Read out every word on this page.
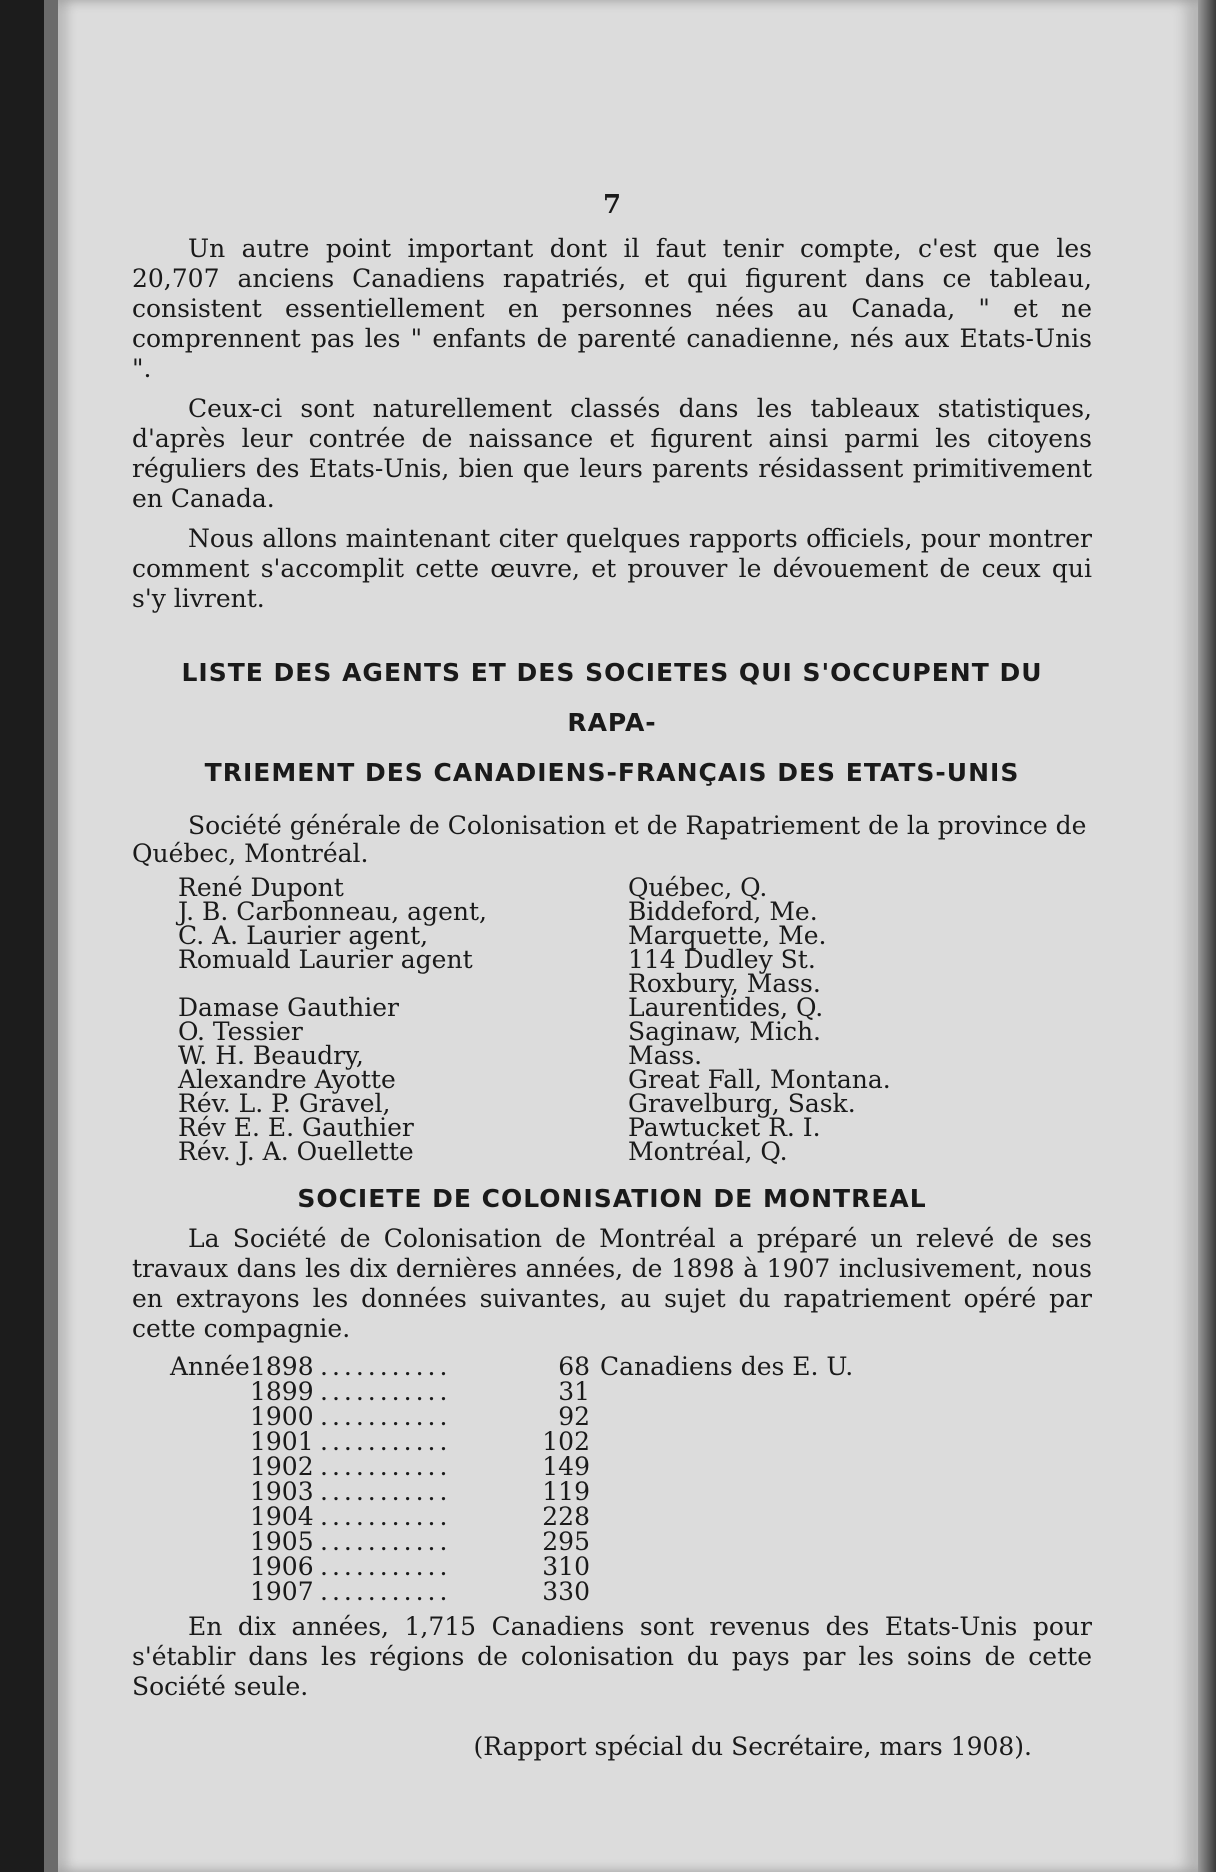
7

Un autre point important dont il faut tenir compte, c'est que les 20,707 anciens Canadiens rapatriés, et qui figurent dans ce tableau, consistent essentiellement en personnes nées au Canada, " et ne comprennent pas les " enfants de parenté canadienne, nés aux Etats-Unis ".

Ceux-ci sont naturellement classés dans les tableaux statistiques, d'après leur contrée de naissance et figurent ainsi parmi les citoyens réguliers des Etats-Unis, bien que leurs parents résidassent primitivement en Canada.

Nous allons maintenant citer quelques rapports officiels, pour montrer comment s'accomplit cette œuvre, et prouver le dévouement de ceux qui s'y livrent.

LISTE DES AGENTS ET DES SOCIETES QUI S'OCCUPENT DU RAPA-
TRIEMENT DES CANADIENS-FRANÇAIS DES ETATS-UNIS

Société générale de Colonisation et de Rapatriement de la province de Québec, Montréal.

René Dupont	Québec, Q.
J. B. Carbonneau, agent,	Biddeford, Me.
C. A. Laurier agent,	Marquette, Me.
Romuald Laurier agent	114 Dudley St.
Roxbury, Mass.
Damase Gauthier	Laurentides, Q.
O. Tessier	Saginaw, Mich.
W. H. Beaudry,	Mass.
Alexandre Ayotte	Great Fall, Montana.
Rév. L. P. Gravel,	Gravelburg, Sask.
Rév E. E. Gauthier	Pawtucket R. I.
Rév. J. A. Ouellette	Montréal, Q.
SOCIETE DE COLONISATION DE MONTREAL

La Société de Colonisation de Montréal a préparé un relevé de ses travaux dans les dix dernières années, de 1898 à 1907 inclusivement, nous en extrayons les données suivantes, au sujet du rapatriement opéré par cette compagnie.

Année 1898 ...........	68 Canadiens des E. U.
1899 ...........	31
1900 ...........	92
1901 ...........	102
1902 ...........	149
1903 ...........	119
1904 ...........	228
1905 ...........	295
1906 ...........	310
1907 ...........	330

En dix années, 1,715 Canadiens sont revenus des Etats-Unis pour s'établir dans les régions de colonisation du pays par les soins de cette Société seule.

(Rapport spécial du Secrétaire, mars 1908).
